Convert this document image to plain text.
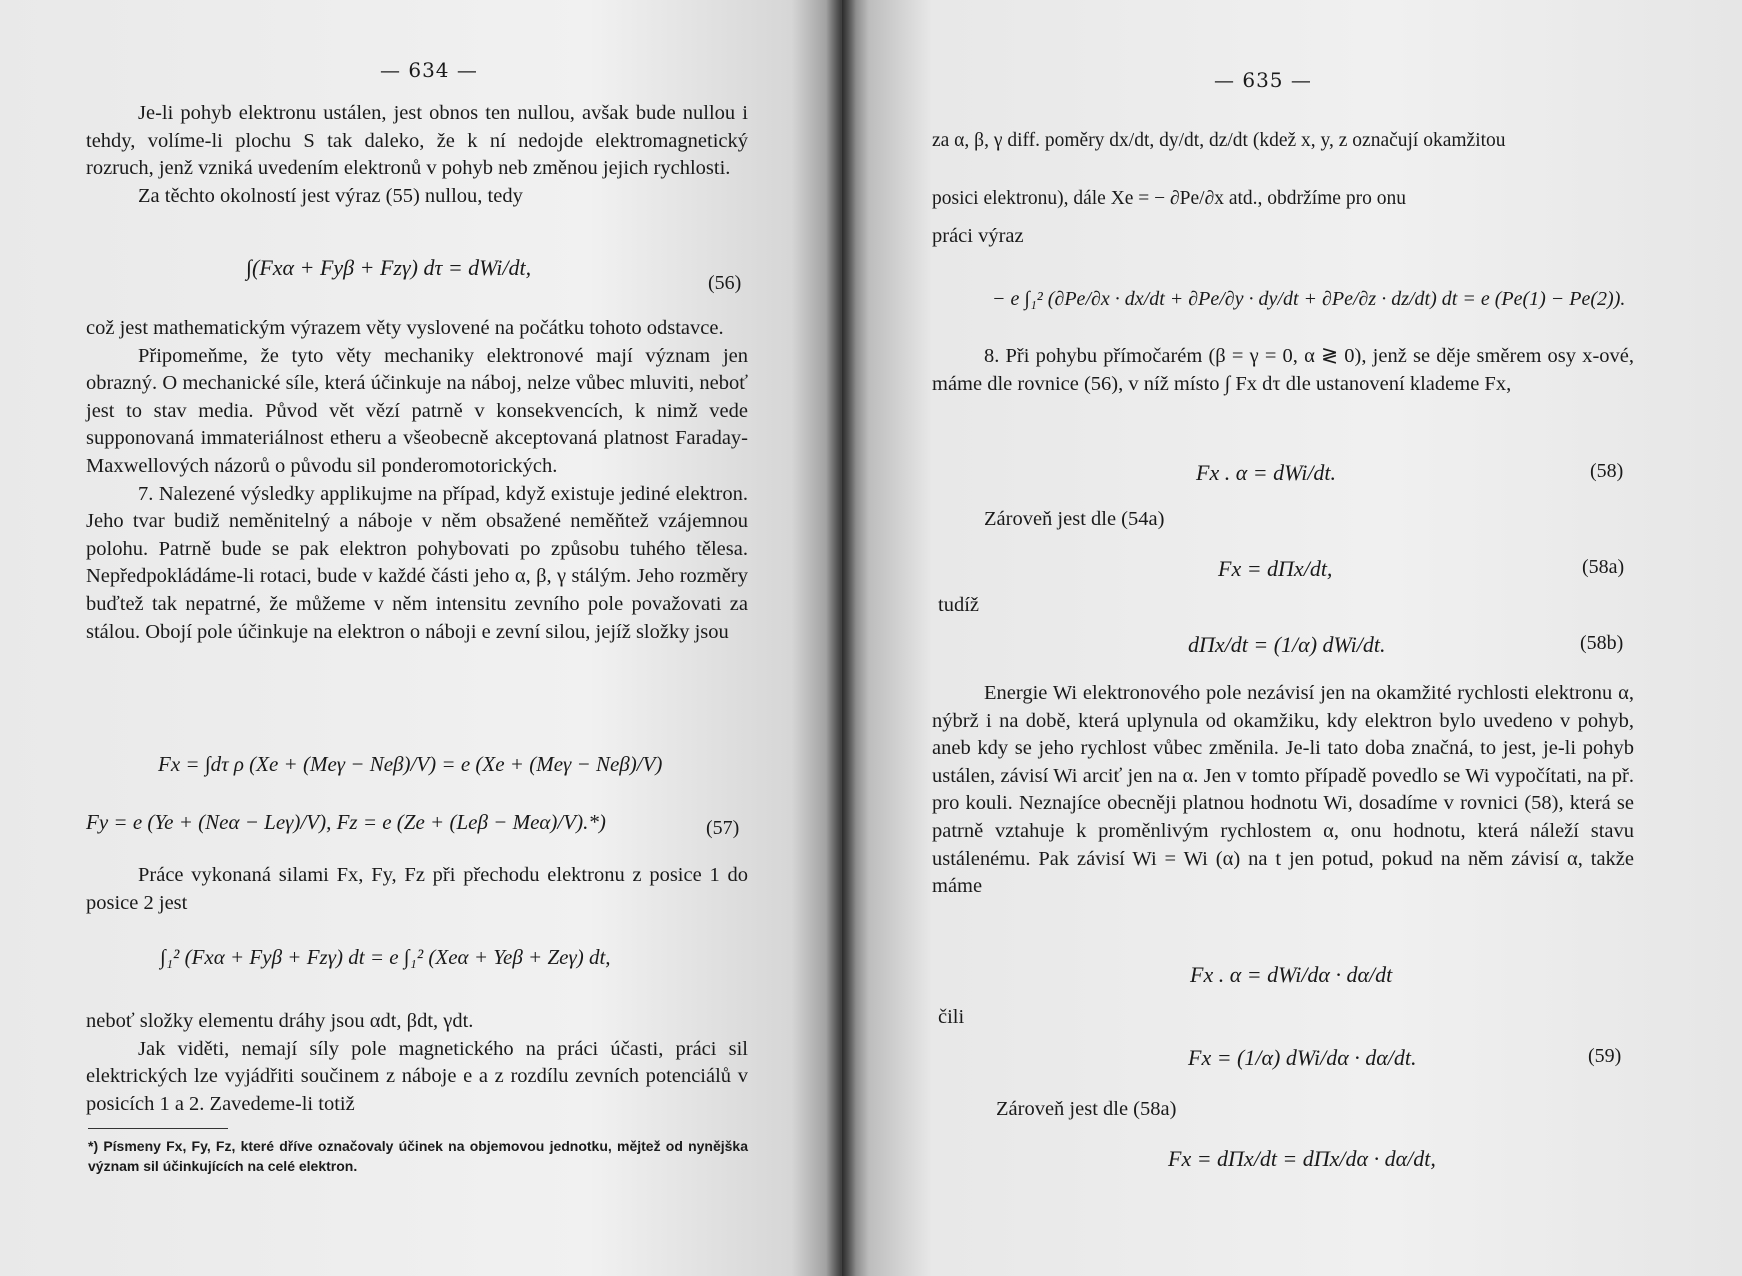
— 634 —

Je-li pohyb elektronu ustálen, jest obnos ten nullou, avšak bude nullou i tehdy, volíme-li plochu S tak daleko, že k ní nedojde elektromagnetický rozruch, jenž vzniká uvedením elektronů v pohyb neb změnou jejich rychlosti.

Za těchto okolností jest výraz (55) nullou, tedy

∫(Fxα + Fyβ + Fzγ) dτ = dWi/dt,
(56)

což jest mathematickým výrazem věty vyslovené na počátku tohoto odstavce.

Připomeňme, že tyto věty mechaniky elektronové mají význam jen obrazný. O mechanické síle, která účinkuje na náboj, nelze vůbec mluviti, neboť jest to stav media. Původ vět vězí patrně v konsekvencích, k nimž vede supponovaná immateriálnost etheru a všeobecně akceptovaná platnost Faraday-Maxwellových názorů o původu sil ponderomotorických.

7. Nalezené výsledky applikujme na případ, když existuje jediné elektron. Jeho tvar budiž neměnitelný a náboje v něm obsažené neměňtež vzájemnou polohu. Patrně bude se pak elektron pohybovati po způsobu tuhého tělesa. Nepředpokládáme-li rotaci, bude v každé části jeho α, β, γ stálým. Jeho rozměry buďtež tak nepatrné, že můžeme v něm intensitu zevního pole považovati za stálou. Obojí pole účinkuje na elektron o náboji e zevní silou, jejíž složky jsou

Fx = ∫dτ ρ (Xe + (Meγ − Neβ)/V) = e (Xe + (Meγ − Neβ)/V)
Fy = e (Ye + (Neα − Leγ)/V), Fz = e (Ze + (Leβ − Meα)/V).*)	(57)

Práce vykonaná silami Fx, Fy, Fz při přechodu elektronu z posice 1 do posice 2 jest

∫₁² (Fxα + Fyβ + Fzγ) dt = e ∫₁² (Xeα + Yeβ + Zeγ) dt,

neboť složky elementu dráhy jsou αdt, βdt, γdt.

Jak viděti, nemají síly pole magnetického na práci účasti, práci sil elektrických lze vyjádřiti součinem z náboje e a z rozdílu zevních potenciálů v posicích 1 a 2. Zavedeme-li totiž

*) Písmeny Fx, Fy, Fz, které dříve označovaly účinek na objemovou jednotku, mějtež od nynějška význam sil účinkujících na celé elektron.

— 635 —
za α, β, γ diff. poměry dx/dt, dy/dt, dz/dt (kdež x, y, z označují okamžitou
posici elektronu), dále Xe = − ∂Pe/∂x atd., obdržíme pro onu
práci výraz
− e ∫₁² (∂Pe/∂x · dx/dt + ∂Pe/∂y · dy/dt + ∂Pe/∂z · dz/dt) dt = e (Pe(1) − Pe(2)).

8. Při pohybu přímočarém (β = γ = 0, α ≷ 0), jenž se děje směrem osy x-ové, máme dle rovnice (56), v níž místo ∫ Fx dτ dle ustanovení klademe Fx,

Fx . α = dWi/dt.	(58)
Zároveň jest dle (54a)
Fx = dΠx/dt,	(58a)
tudíž
dΠx/dt = (1/α) dWi/dt.	(58b)

Energie Wi elektronového pole nezávisí jen na okamžité rychlosti elektronu α, nýbrž i na době, která uplynula od okamžiku, kdy elektron bylo uvedeno v pohyb, aneb kdy se jeho rychlost vůbec změnila. Je-li tato doba značná, to jest, je-li pohyb ustálen, závisí Wi arciť jen na α. Jen v tomto případě povedlo se Wi vypočítati, na př. pro kouli. Neznajíce obecněji platnou hodnotu Wi, dosadíme v rovnici (58), která se patrně vztahuje k proměnlivým rychlostem α, onu hodnotu, která náleží stavu ustálenému. Pak závisí Wi = Wi (α) na t jen potud, pokud na něm závisí α, takže máme

Fx . α = dWi/dα · dα/dt
čili
Fx = (1/α) dWi/dα · dα/dt.	(59)
Zároveň jest dle (58a)
Fx = dΠx/dt = dΠx/dα · dα/dt,
